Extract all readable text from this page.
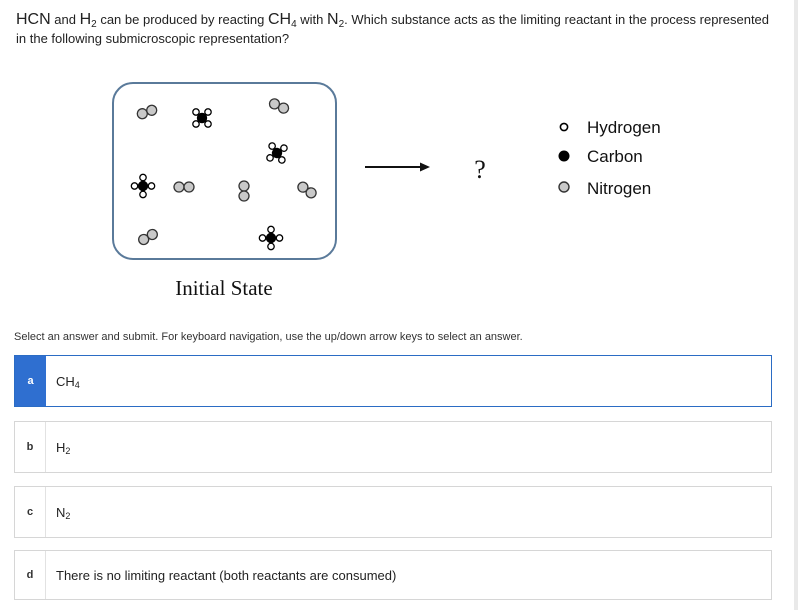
HCN and $H_2$ can be produced by reacting $CH_4$ with $N_2$. Which substance acts as the limiting reactant in the process represented in the following submicroscopic representation?
?
Initial State
Hydrogen
Carbon
Nitrogen
Select an answer and submit. For keyboard navigation, use the up/down arrow keys to select an answer.
a	$CH_4$
b	$H_2$
c	$N_2$
d	There is no limiting reactant (both reactants are consumed)
